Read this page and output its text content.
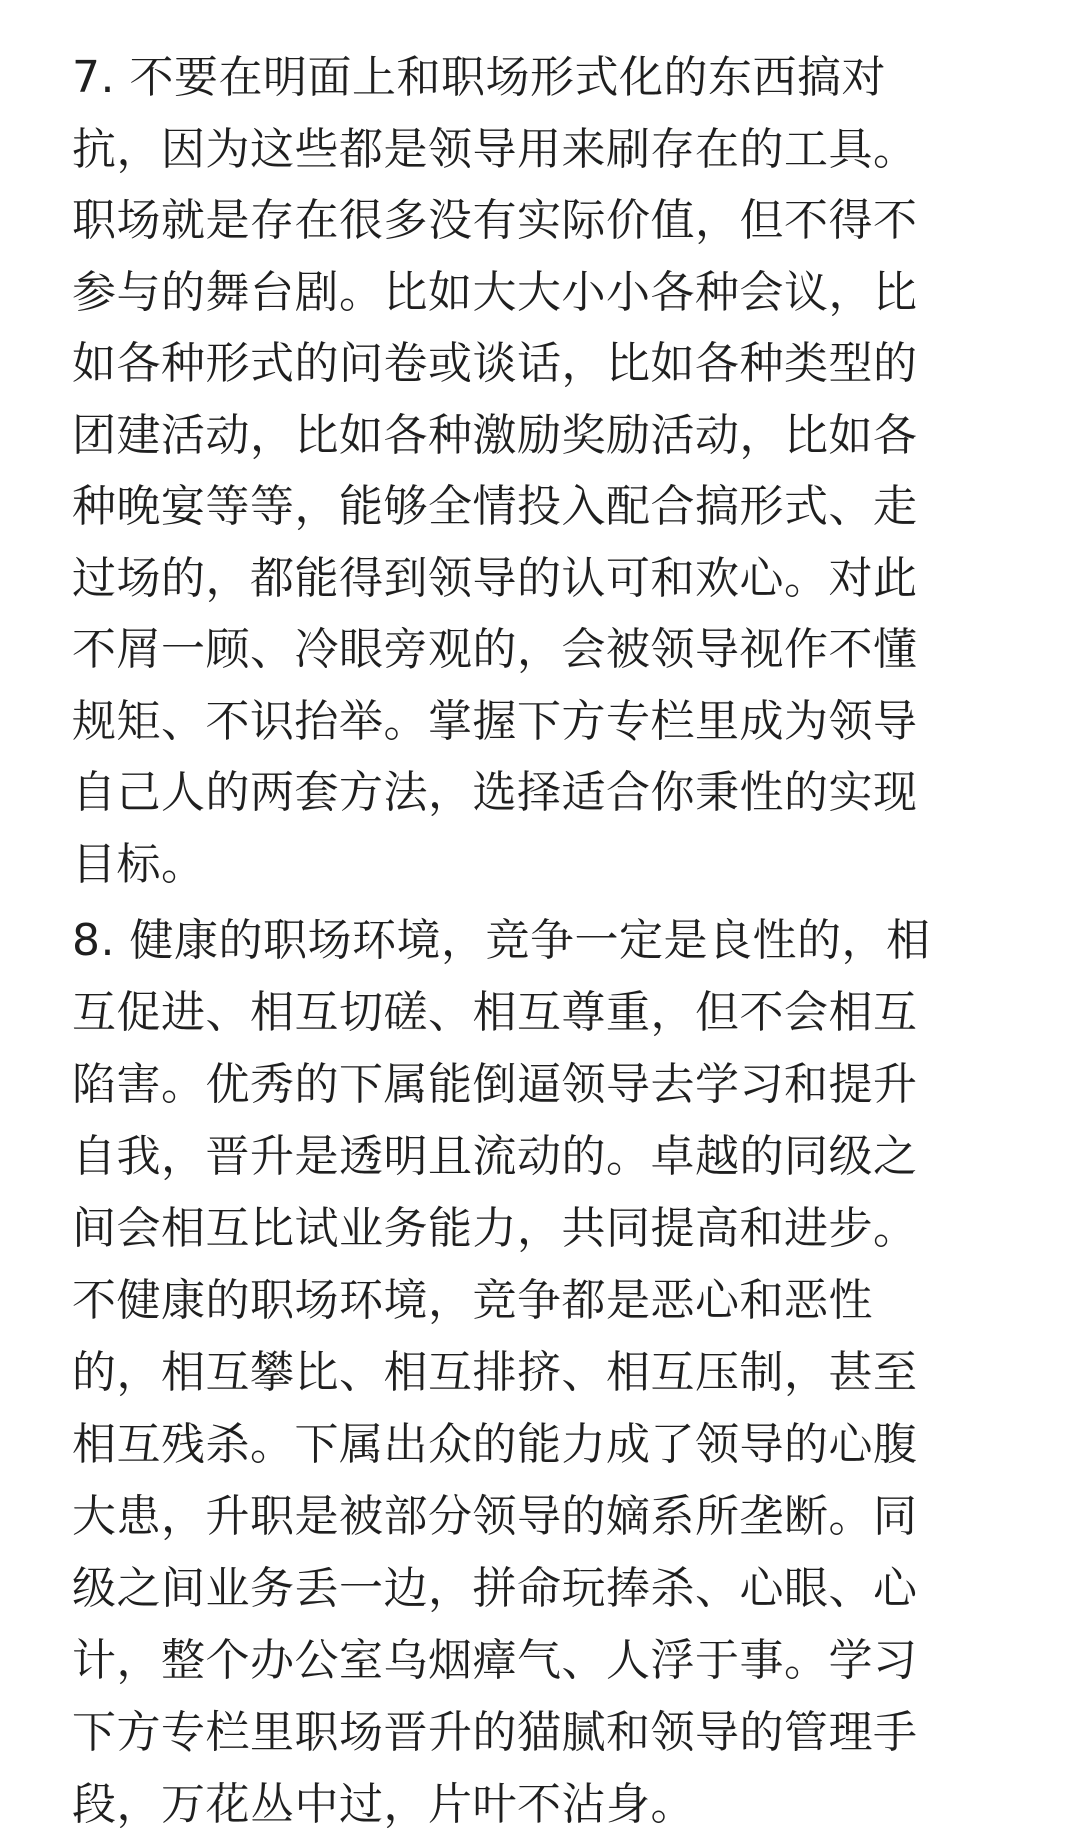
7. 不要在明面上和职场形式化的东西搞对
抗，因为这些都是领导用来刷存在的工具。
职场就是存在很多没有实际价值，但不得不
参与的舞台剧。比如大大小小各种会议，比
如各种形式的问卷或谈话，比如各种类型的
团建活动，比如各种激励奖励活动，比如各
种晚宴等等，能够全情投入配合搞形式、走
过场的，都能得到领导的认可和欢心。对此
不屑一顾、冷眼旁观的，会被领导视作不懂
规矩、不识抬举。掌握下方专栏里成为领导
自己人的两套方法，选择适合你秉性的实现
目标。
8. 健康的职场环境，竞争一定是良性的，相
互促进、相互切磋、相互尊重，但不会相互
陷害。优秀的下属能倒逼领导去学习和提升
自我，晋升是透明且流动的。卓越的同级之
间会相互比试业务能力，共同提高和进步。
不健康的职场环境，竞争都是恶心和恶性
的，相互攀比、相互排挤、相互压制，甚至
相互残杀。下属出众的能力成了领导的心腹
大患，升职是被部分领导的嫡系所垄断。同
级之间业务丢一边，拼命玩捧杀、心眼、心
计，整个办公室乌烟瘴气、人浮于事。学习
下方专栏里职场晋升的猫腻和领导的管理手
段，万花丛中过，片叶不沾身。
